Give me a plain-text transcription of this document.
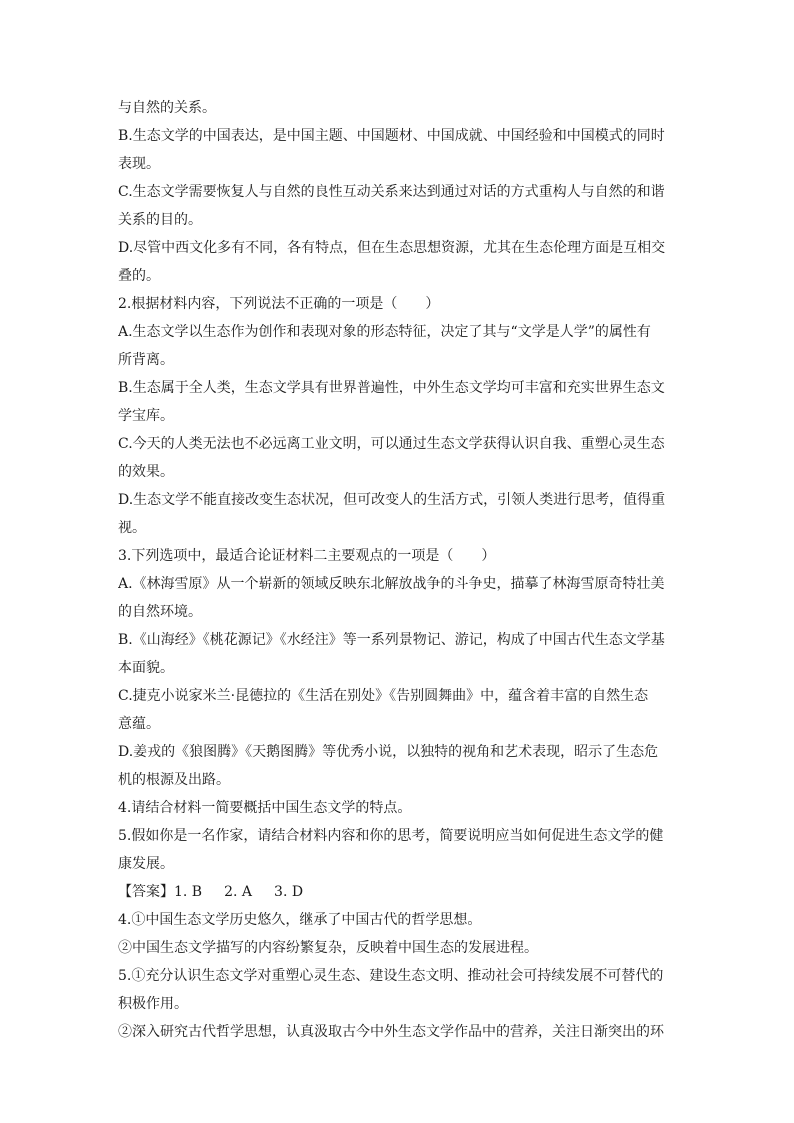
与自然的关系。
B.生态文学的中国表达，是中国主题、中国题材、中国成就、中国经验和中国模式的同时
表现。
C.生态文学需要恢复人与自然的良性互动关系来达到通过对话的方式重构人与自然的和谐
关系的目的。
D.尽管中西文化多有不同，各有特点，但在生态思想资源，尤其在生态伦理方面是互相交
叠的。
2.根据材料内容，下列说法不正确的一项是（　　）
A.生态文学以生态作为创作和表现对象的形态特征，决定了其与“文学是人学”的属性有
所背离。
B.生态属于全人类，生态文学具有世界普遍性，中外生态文学均可丰富和充实世界生态文
学宝库。
C.今天的人类无法也不必远离工业文明，可以通过生态文学获得认识自我、重塑心灵生态
的效果。
D.生态文学不能直接改变生态状况，但可改变人的生活方式，引领人类进行思考，值得重
视。
3.下列选项中，最适合论证材料二主要观点的一项是（　　）
A.《林海雪原》从一个崭新的领域反映东北解放战争的斗争史，描摹了林海雪原奇特壮美
的自然环境。
B.《山海经》《桃花源记》《水经注》等一系列景物记、游记，构成了中国古代生态文学基
本面貌。
C.捷克小说家米兰·昆德拉的《生活在别处》《告别圆舞曲》中，蕴含着丰富的自然生态
意蕴。
D.姜戎的《狼图腾》《天鹅图腾》等优秀小说，以独特的视角和艺术表现，昭示了生态危
机的根源及出路。
4.请结合材料一简要概括中国生态文学的特点。
5.假如你是一名作家，请结合材料内容和你的思考，简要说明应当如何促进生态文学的健
康发展。
【答案】1. B 2. A 3. D
4.①中国生态文学历史悠久，继承了中国古代的哲学思想。
②中国生态文学描写的内容纷繁复杂，反映着中国生态的发展进程。
5.①充分认识生态文学对重塑心灵生态、建设生态文明、推动社会可持续发展不可替代的
积极作用。
②深入研究古代哲学思想，认真汲取古今中外生态文学作品中的营养，关注日渐突出的环
